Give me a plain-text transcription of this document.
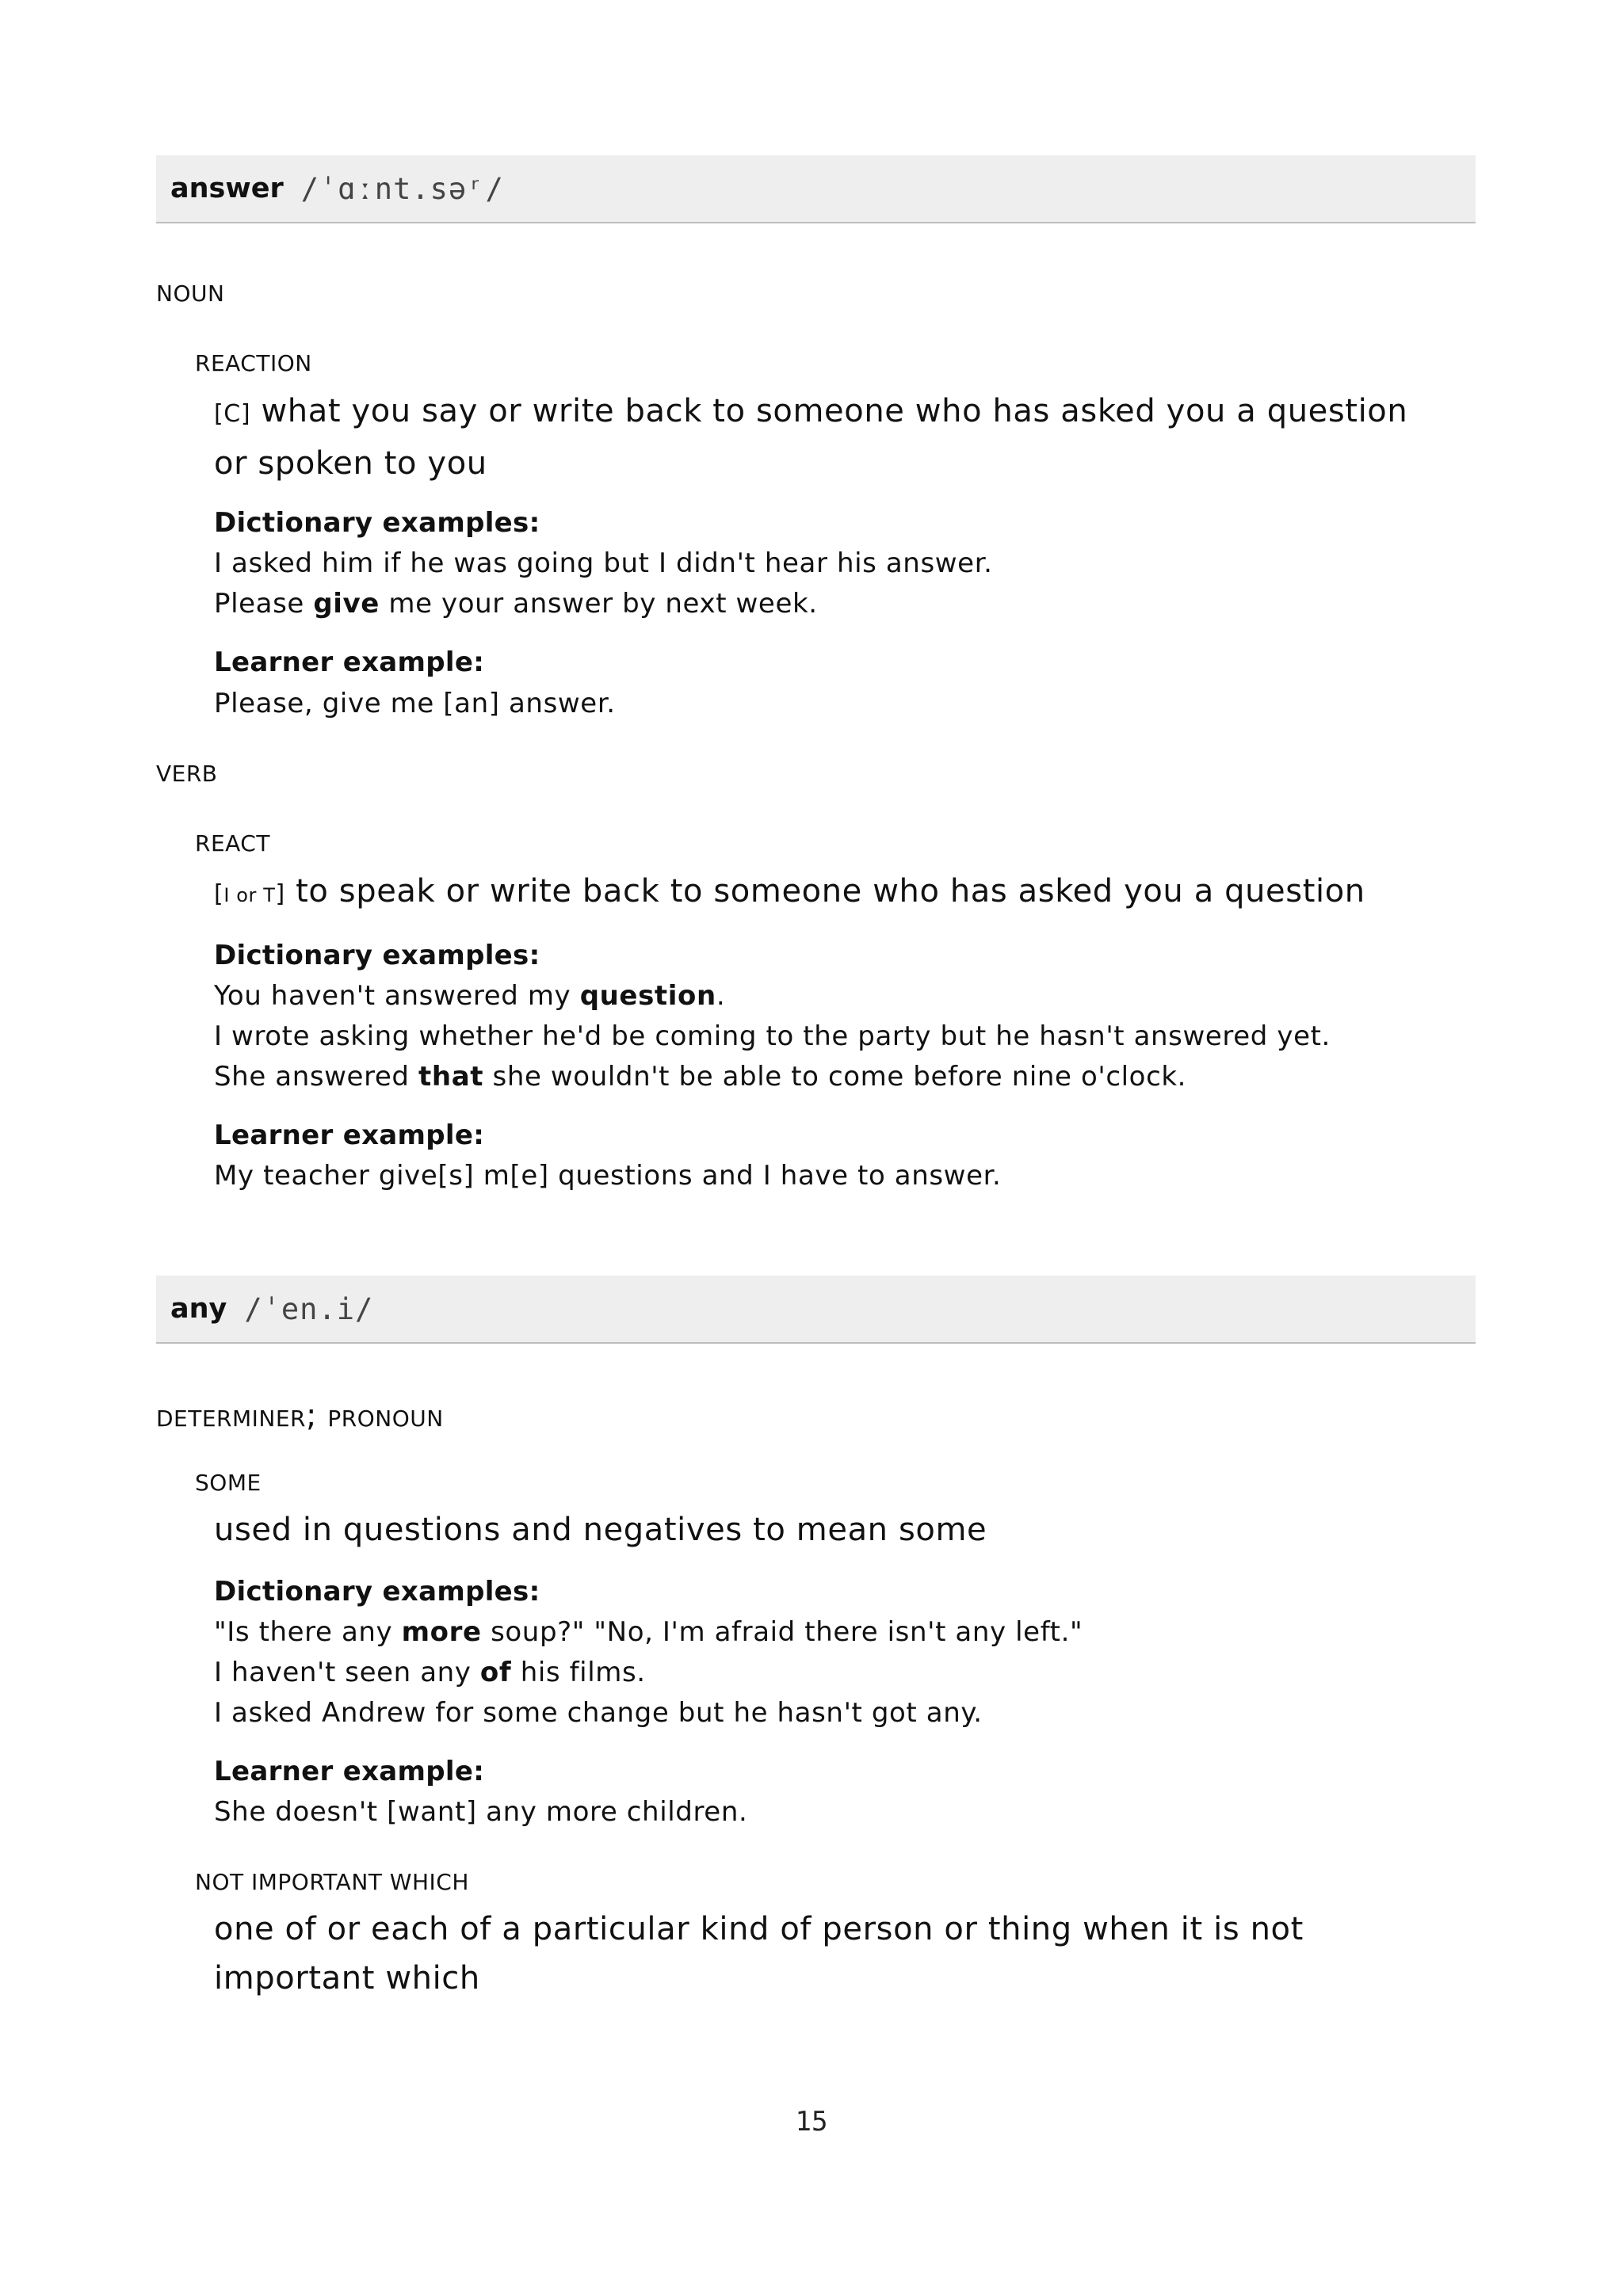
answer /ˈɑːnt.səʳ/
NOUN
REACTION
[C] what you say or write back to someone who has asked you a question or spoken to you
Dictionary examples:
I asked him if he was going but I didn't hear his answer.
Please give me your answer by next week.
Learner example:
Please, give me [an] answer.
VERB
REACT
[I or T] to speak or write back to someone who has asked you a question
Dictionary examples:
You haven't answered my question.
I wrote asking whether he'd be coming to the party but he hasn't answered yet.
She answered that she wouldn't be able to come before nine o'clock.
Learner example:
My teacher give[s] m[e] questions and I have to answer.
any /ˈen.i/
DETERMINER; PRONOUN
SOME
used in questions and negatives to mean some
Dictionary examples:
"Is there any more soup?" "No, I'm afraid there isn't any left."
I haven't seen any of his films.
I asked Andrew for some change but he hasn't got any.
Learner example:
She doesn't [want] any more children.
NOT IMPORTANT WHICH
one of or each of a particular kind of person or thing when it is not important which
15
